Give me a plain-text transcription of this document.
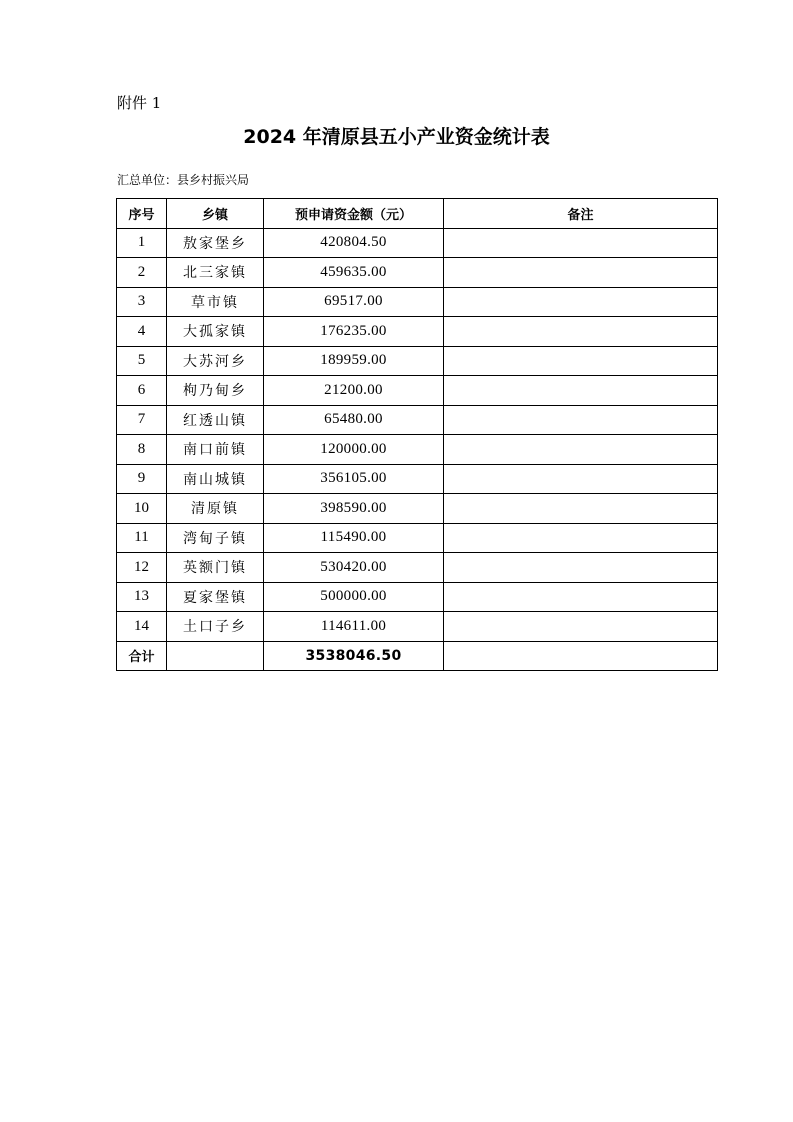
附件 1
2024 年清原县五小产业资金统计表
汇总单位：县乡村振兴局
序号	乡镇	预申请资金额（元）	备注
1	敖家堡乡	420804.50	
2	北三家镇	459635.00	
3	草市镇	69517.00	
4	大孤家镇	176235.00	
5	大苏河乡	189959.00	
6	枸乃甸乡	21200.00	
7	红透山镇	65480.00	
8	南口前镇	120000.00	
9	南山城镇	356105.00	
10	清原镇	398590.00	
11	湾甸子镇	115490.00	
12	英额门镇	530420.00	
13	夏家堡镇	500000.00	
14	土口子乡	114611.00	
合计		3538046.50	
